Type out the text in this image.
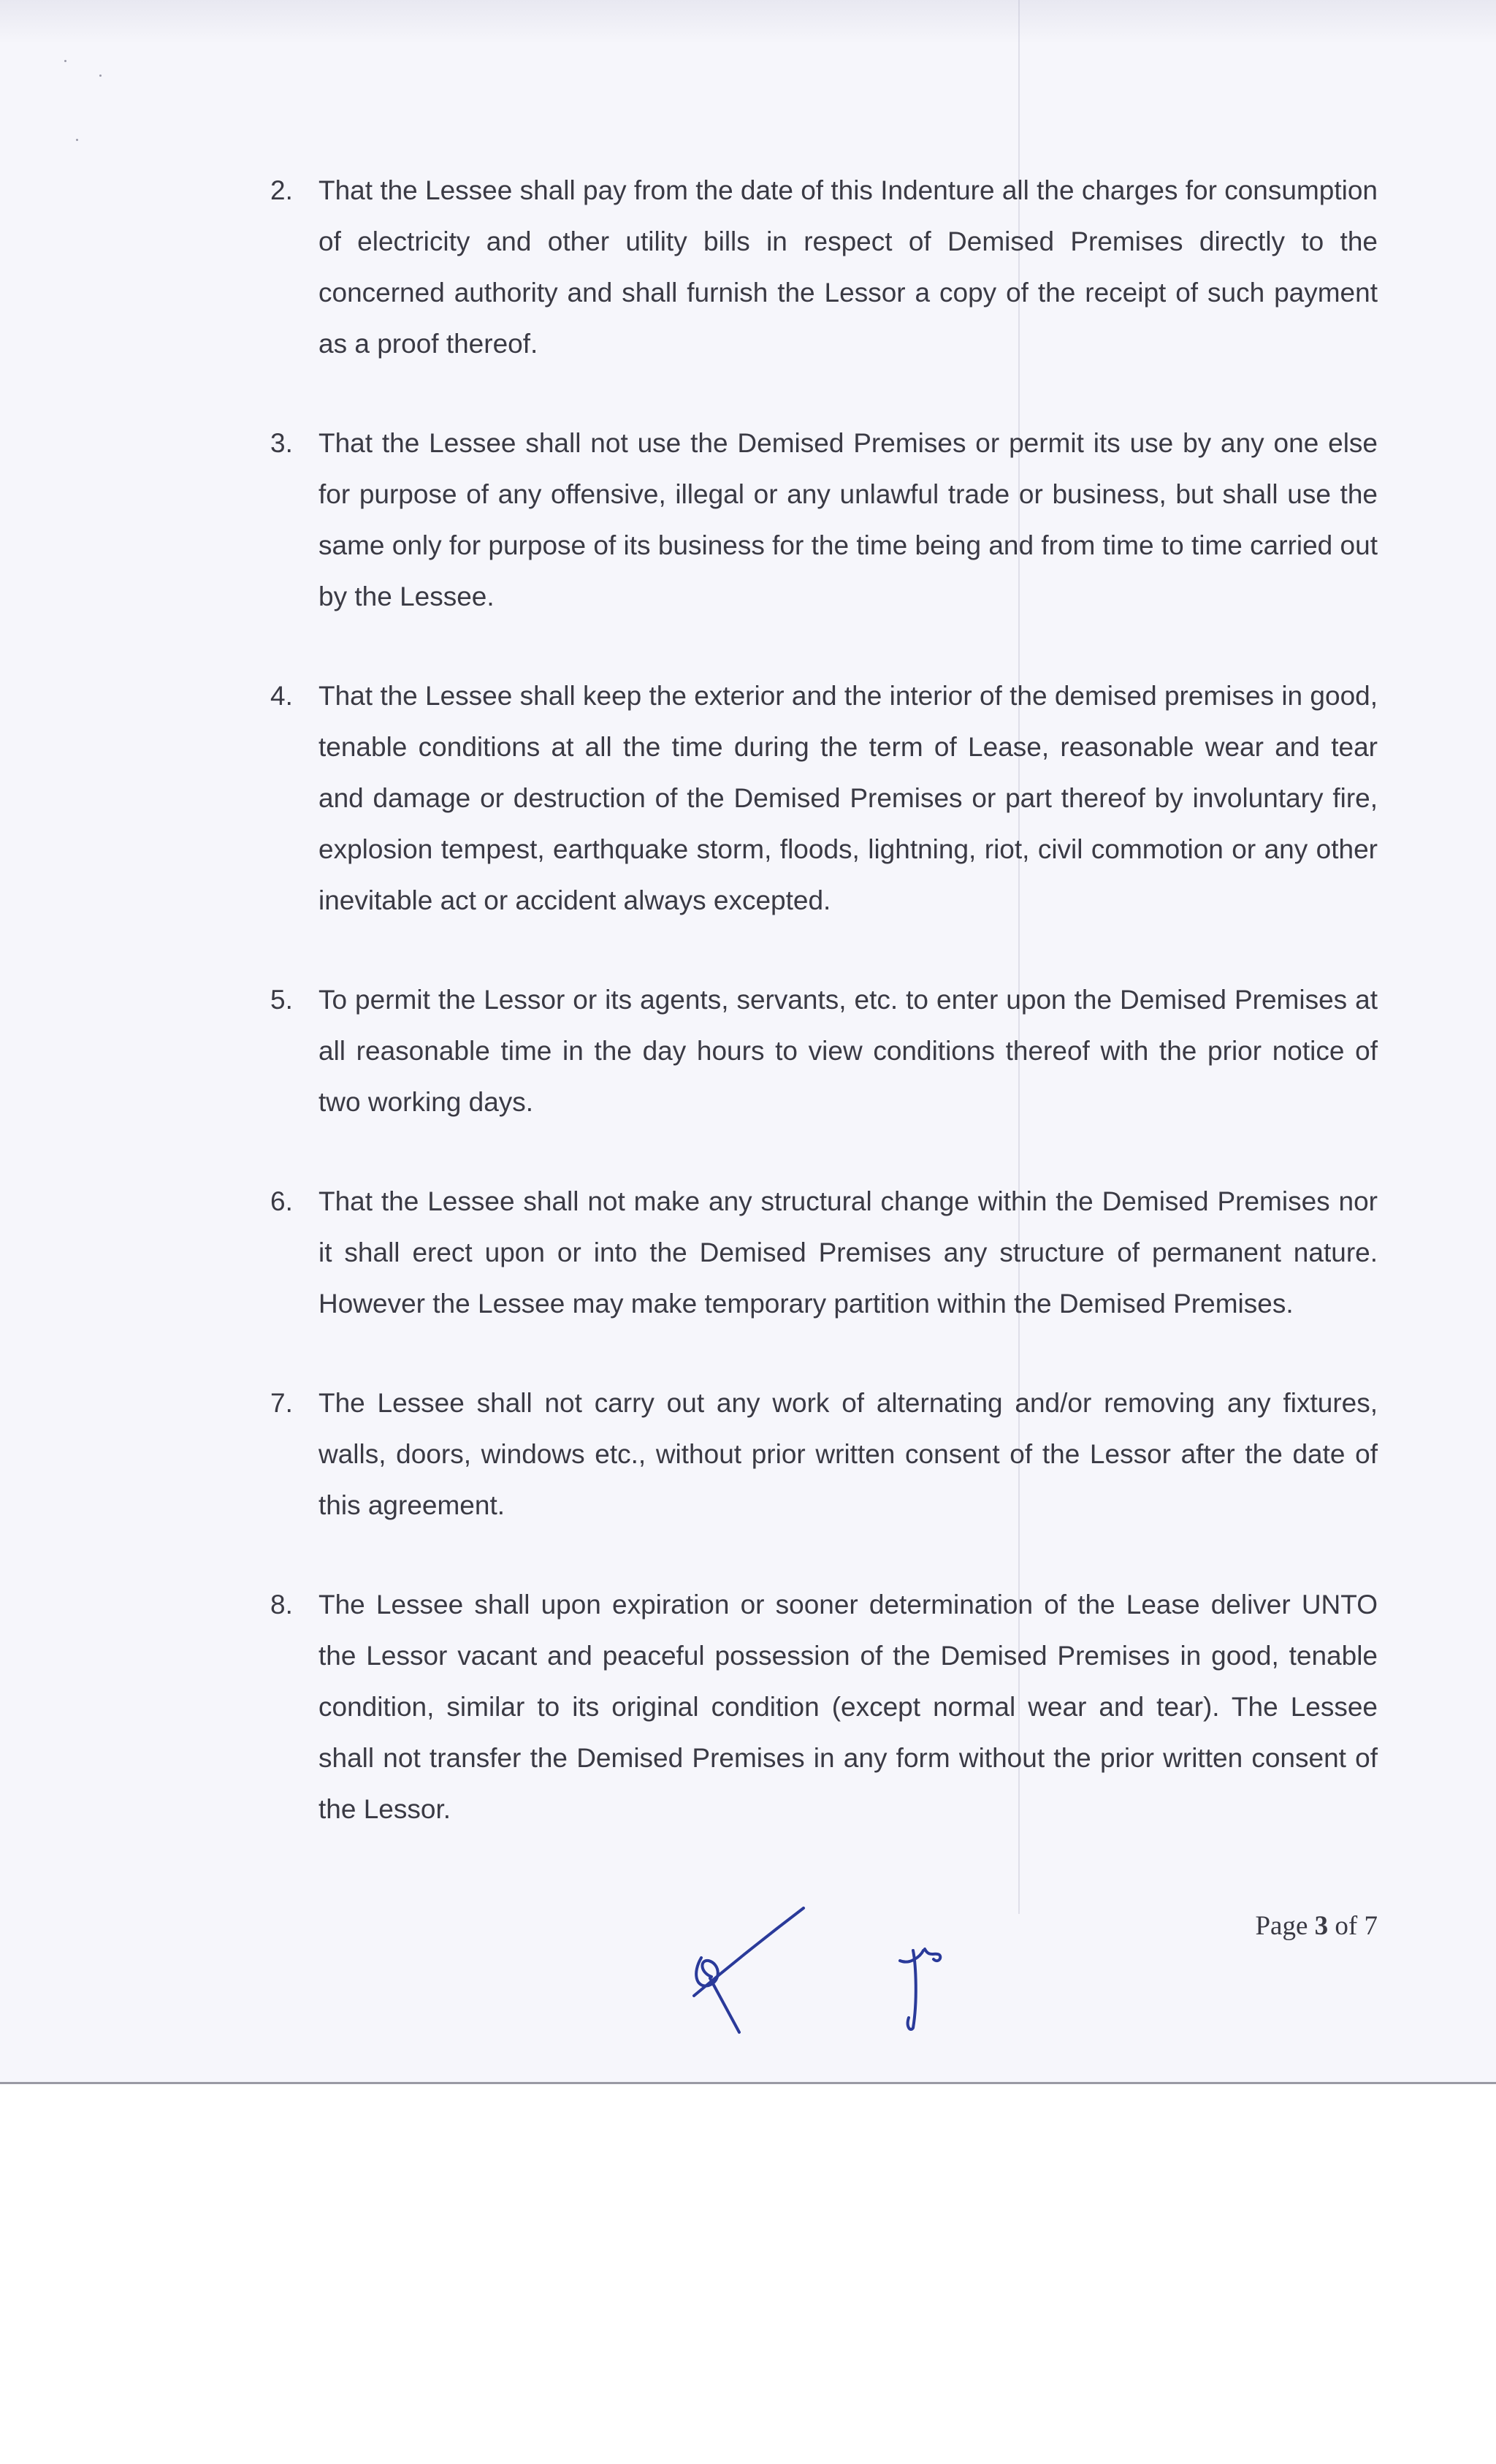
2. That the Lessee shall pay from the date of this Indenture all the charges for consumption of electricity and other utility bills in respect of Demised Premises directly to the concerned authority and shall furnish the Lessor a copy of the receipt of such payment as a proof thereof.
3. That the Lessee shall not use the Demised Premises or permit its use by any one else for purpose of any offensive, illegal or any unlawful trade or business, but shall use the same only for purpose of its business for the time being and from time to time carried out by the Lessee.
4. That the Lessee shall keep the exterior and the interior of the demised premises in good, tenable conditions at all the time during the term of Lease, reasonable wear and tear and damage or destruction of the Demised Premises or part thereof by involuntary fire, explosion tempest, earthquake storm, floods, lightning, riot, civil commotion or any other inevitable act or accident always excepted.
5. To permit the Lessor or its agents, servants, etc. to enter upon the Demised Premises at all reasonable time in the day hours to view conditions thereof with the prior notice of two working days.
6. That the Lessee shall not make any structural change within the Demised Premises nor it shall erect upon or into the Demised Premises any structure of permanent nature. However the Lessee may make temporary partition within the Demised Premises.
7. The Lessee shall not carry out any work of alternating and/or removing any fixtures, walls, doors, windows etc., without prior written consent of the Lessor after the date of this agreement.
8. The Lessee shall upon expiration or sooner determination of the Lease deliver UNTO the Lessor vacant and peaceful possession of the Demised Premises in good, tenable condition, similar to its original condition (except normal wear and tear). The Lessee shall not transfer the Demised Premises in any form without the prior written consent of the Lessor.
Page 3 of 7
